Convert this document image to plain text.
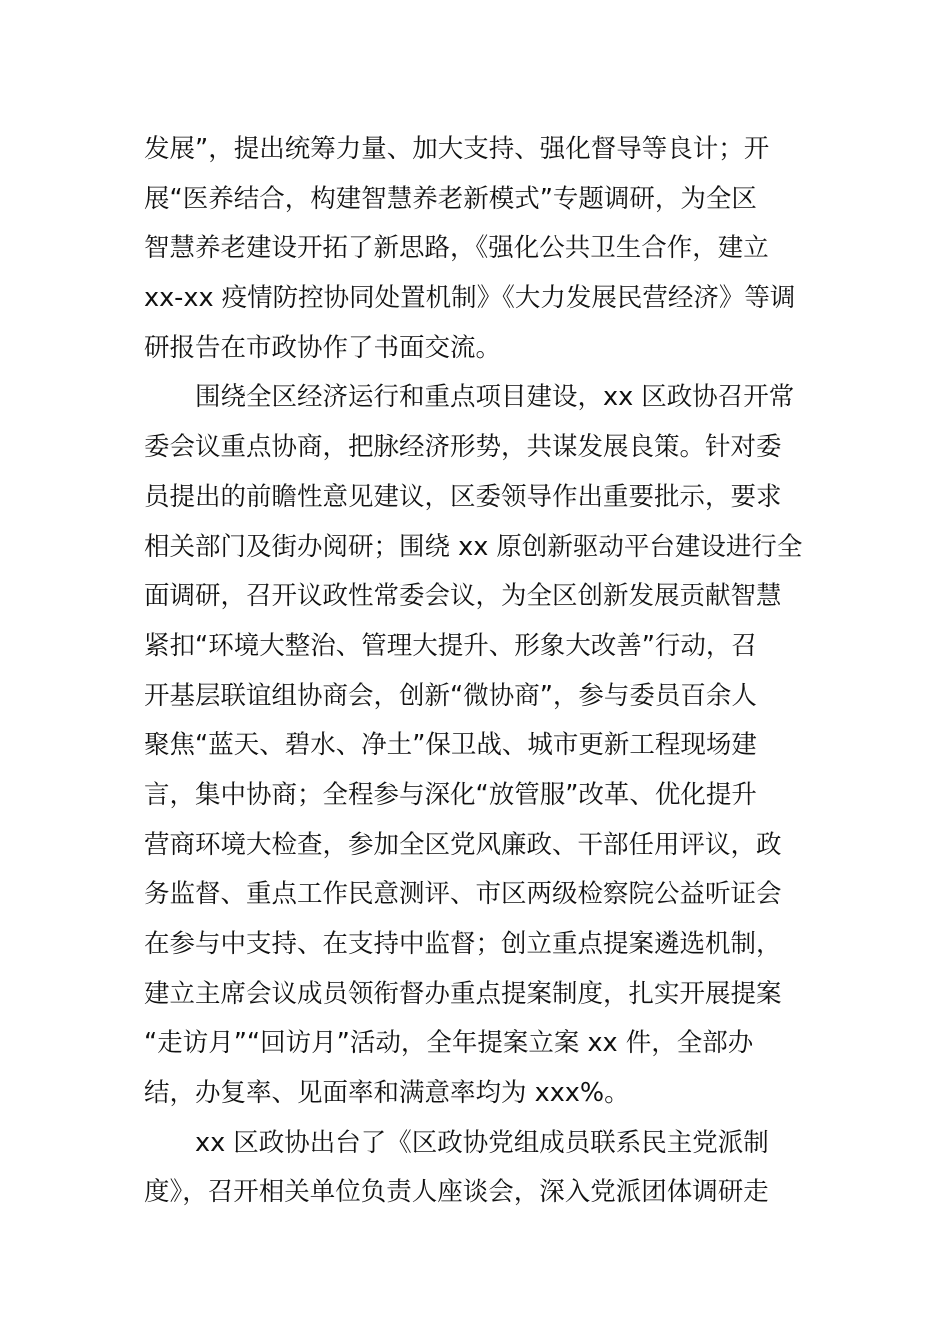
发展”，提出统筹力量、加大支持、强化督导等良计；开
展“医养结合，构建智慧养老新模式”专题调研，为全区
智慧养老建设开拓了新思路，《强化公共卫生合作，建立
xx-xx 疫情防控协同处置机制》《大力发展民营经济》等调
研报告在市政协作了书面交流。
围绕全区经济运行和重点项目建设，xx 区政协召开常
委会议重点协商，把脉经济形势，共谋发展良策。针对委
员提出的前瞻性意见建议，区委领导作出重要批示，要求
相关部门及街办阅研；围绕 xx 原创新驱动平台建设进行全
面调研，召开议政性常委会议，为全区创新发展贡献智慧
紧扣“环境大整治、管理大提升、形象大改善”行动，召
开基层联谊组协商会，创新“微协商”，参与委员百余人
聚焦“蓝天、碧水、净土”保卫战、城市更新工程现场建
言，集中协商；全程参与深化“放管服”改革、优化提升
营商环境大检查，参加全区党风廉政、干部任用评议，政
务监督、重点工作民意测评、市区两级检察院公益听证会
在参与中支持、在支持中监督；创立重点提案遴选机制，
建立主席会议成员领衔督办重点提案制度，扎实开展提案
“走访月”“回访月”活动，全年提案立案 xx 件，全部办
结，办复率、见面率和满意率均为 xxx%。
xx 区政协出台了《区政协党组成员联系民主党派制
度》，召开相关单位负责人座谈会，深入党派团体调研走
